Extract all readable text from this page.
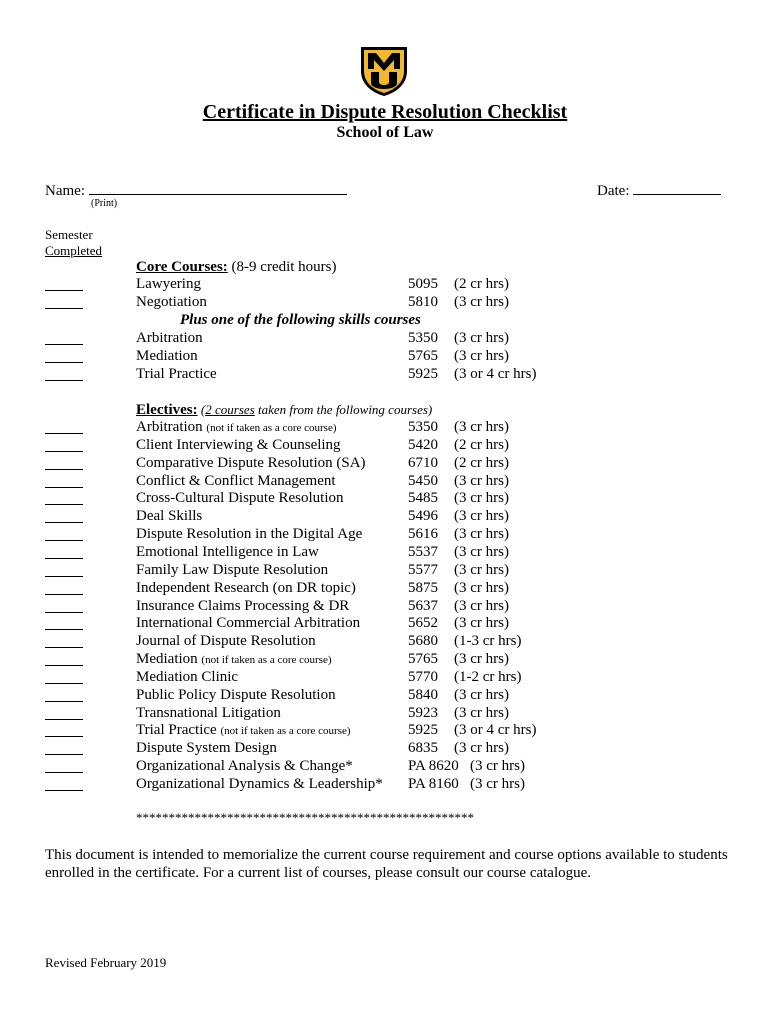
Certificate in Dispute Resolution Checklist
School of Law
Name:
(Print)
Date:
Semester
Completed
Core Courses: (8-9 credit hours)
Lawyering	5095 (2 cr hrs)
Negotiation	5810 (3 cr hrs)
Plus one of the following skills courses
Arbitration	5350 (3 cr hrs)
Mediation	5765 (3 cr hrs)
Trial Practice	5925 (3 or 4 cr hrs)
Electives: (2 courses taken from the following courses)
Arbitration (not if taken as a core course)	5350 (3 cr hrs)
Client Interviewing & Counseling	5420 (2 cr hrs)
Comparative Dispute Resolution (SA)	6710 (2 cr hrs)
Conflict & Conflict Management	5450 (3 cr hrs)
Cross-Cultural Dispute Resolution	5485 (3 cr hrs)
Deal Skills	5496 (3 cr hrs)
Dispute Resolution in the Digital Age	5616 (3 cr hrs)
Emotional Intelligence in Law	5537 (3 cr hrs)
Family Law Dispute Resolution	5577 (3 cr hrs)
Independent Research (on DR topic)	5875 (3 cr hrs)
Insurance Claims Processing & DR	5637 (3 cr hrs)
International Commercial Arbitration	5652 (3 cr hrs)
Journal of Dispute Resolution	5680 (1-3 cr hrs)
Mediation (not if taken as a core course)	5765 (3 cr hrs)
Mediation Clinic	5770 (1-2 cr hrs)
Public Policy Dispute Resolution	5840 (3 cr hrs)
Transnational Litigation	5923 (3 cr hrs)
Trial Practice (not if taken as a core course)	5925 (3 or 4 cr hrs)
Dispute System Design	6835 (3 cr hrs)
Organizational Analysis & Change*	PA 8620 (3 cr hrs)
Organizational Dynamics & Leadership* PA 8160 (3 cr hrs)
****************************************************
This document is intended to memorialize the current course requirement and course options available to students enrolled in the certificate. For a current list of courses, please consult our course catalogue.
Revised February 2019
